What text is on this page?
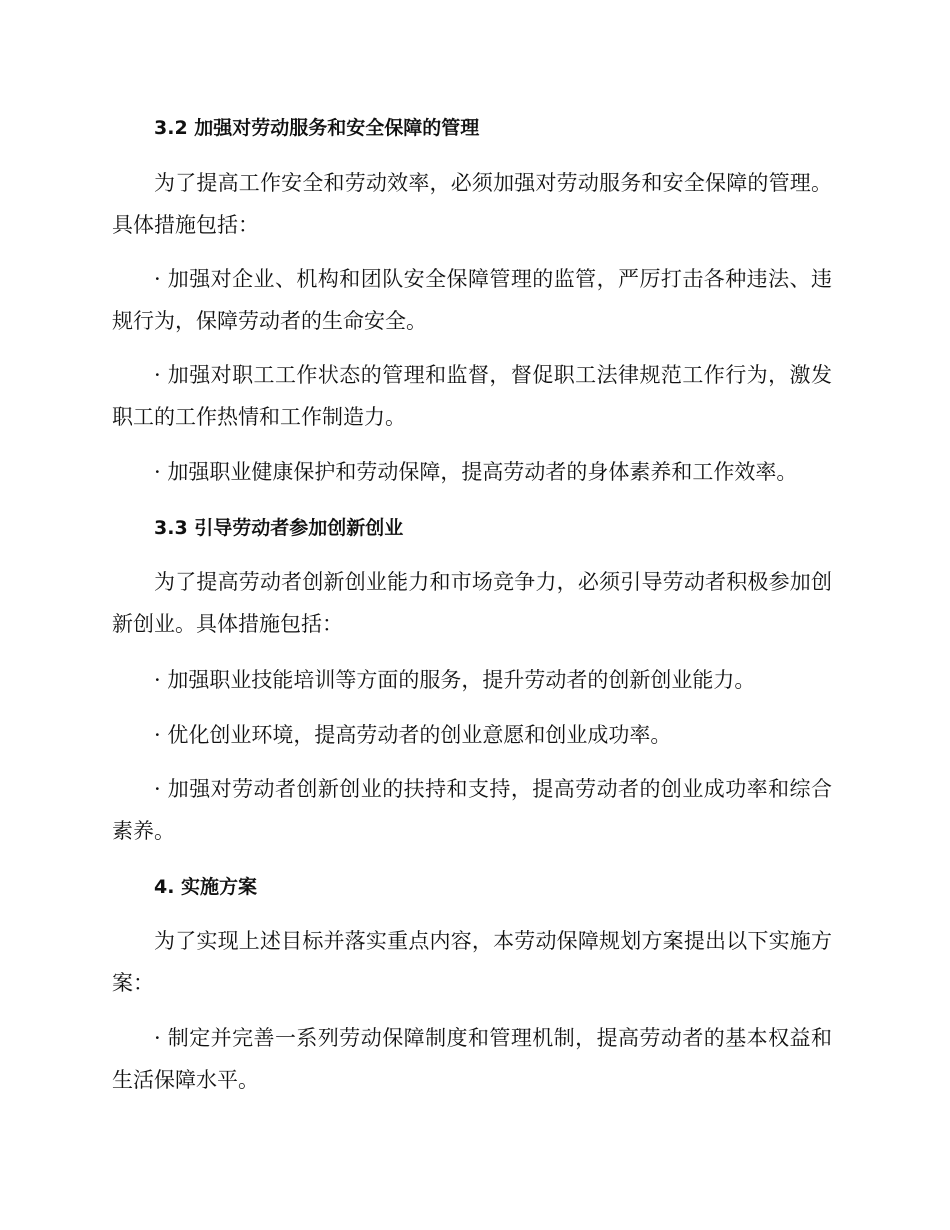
3.2 加强对劳动服务和安全保障的管理

为了提高工作安全和劳动效率，必须加强对劳动服务和安全保障的管理。具体措施包括：

· 加强对企业、机构和团队安全保障管理的监管，严厉打击各种违法、违规行为，保障劳动者的生命安全。

· 加强对职工工作状态的管理和监督，督促职工法律规范工作行为，激发职工的工作热情和工作制造力。

· 加强职业健康保护和劳动保障，提高劳动者的身体素养和工作效率。

3.3 引导劳动者参加创新创业

为了提高劳动者创新创业能力和市场竞争力，必须引导劳动者积极参加创新创业。具体措施包括：

· 加强职业技能培训等方面的服务，提升劳动者的创新创业能力。

· 优化创业环境，提高劳动者的创业意愿和创业成功率。

· 加强对劳动者创新创业的扶持和支持，提高劳动者的创业成功率和综合素养。

4. 实施方案

为了实现上述目标并落实重点内容，本劳动保障规划方案提出以下实施方案：

· 制定并完善一系列劳动保障制度和管理机制，提高劳动者的基本权益和生活保障水平。
